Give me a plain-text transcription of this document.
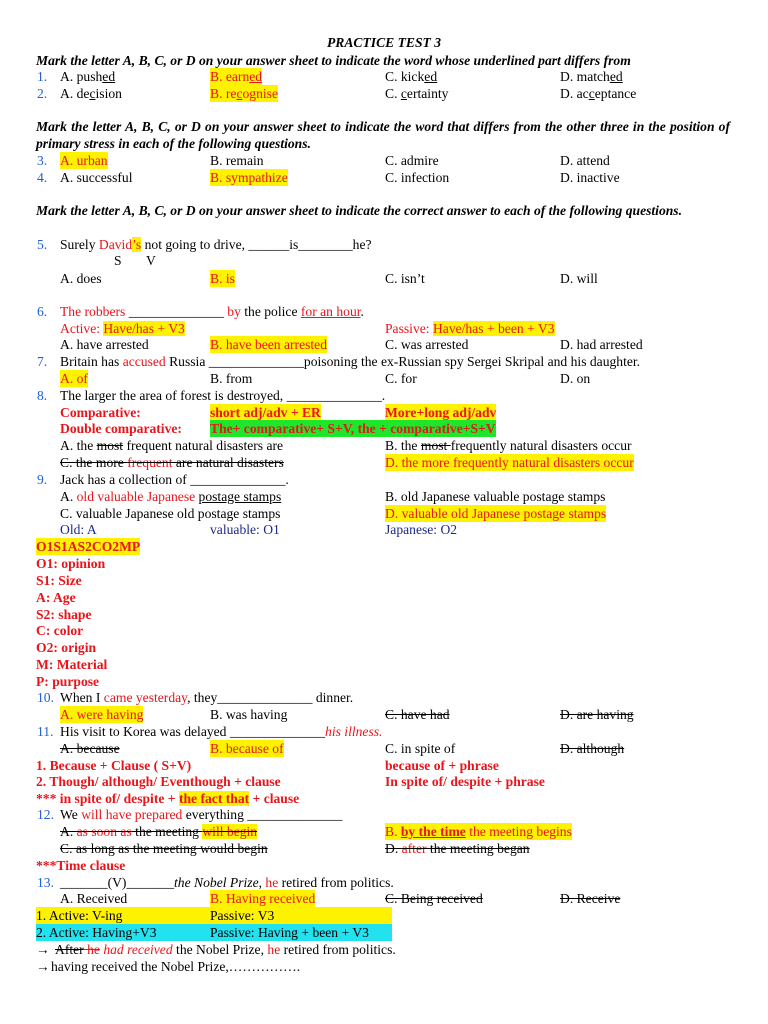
PRACTICE TEST 3
Mark the letter A, B, C, or D on your answer sheet to indicate the word whose underlined part differs from
1. A. pushed	B. earned	C. kicked	D. matched
2. A. decision	B. recognise	C. certainty	D. acceptance
Mark the letter A, B, C, or D on your answer sheet to indicate the word that differs from the other three in the position of primary stress in each of the following questions.
3. A. urban	B. remain	C. admire	D. attend
4. A. successful	B. sympathize	C. infection	D. inactive
Mark the letter A, B, C, or D on your answer sheet to indicate the correct answer to each of the following questions.
5. Surely David’s not going to drive, ______is________he?
S V
A. does	B. is	C. isn’t	D. will
6. The robbers ______________ by the police for an hour.
Active: Have/has + V3	Passive: Have/has + been + V3
A. have arrested	B. have been arrested	C. was arrested	D. had arrested
7. Britain has accused Russia ______________poisoning the ex-Russian spy Sergei Skripal and his daughter.
A. of	B. from	C. for	D. on
8. The larger the area of forest is destroyed, ______________.
Comparative:	short adj/adv + ER	More+long adj/adv
Double comparative: The+ comparative+ S+V, the + comparative+S+V
A. the most frequent natural disasters are	B. the most frequently natural disasters occur
C. the more frequent are natural disasters	D. the more frequently natural disasters occur
9. Jack has a collection of ______________.
A. old valuable Japanese postage stamps	B. old Japanese valuable postage stamps
C. valuable Japanese old postage stamps	D. valuable old Japanese postage stamps
Old: A	valuable: O1	Japanese: O2
O1S1AS2CO2MP
O1: opinion
S1: Size
A: Age
S2: shape
C: color
O2: origin
M: Material
P: purpose
10. When I came yesterday, they______________ dinner.
A. were having	B. was having	C. have had	D. are having
11. His visit to Korea was delayed ______________his illness.
A. because	B. because of	C. in spite of	D. although
1. Because + Clause ( S+V)	because of + phrase
2. Though/ although/ Eventhough + clause	In spite of/ despite + phrase
*** in spite of/ despite + the fact that + clause
12. We will have prepared everything ______________
A. as soon as the meeting will begin	B. by the time the meeting begins
C. as long as the meeting would begin	D. after the meeting began
***Time clause
13. _______(V)_______the Nobel Prize, he retired from politics.
A. Received	B. Having received	C. Being received	D. Receive
1. Active: V-ing	Passive: V3
2. Active: Having+V3	Passive: Having + been + V3
→ After he had received the Nobel Prize, he retired from politics.
→ having received the Nobel Prize,…………….
